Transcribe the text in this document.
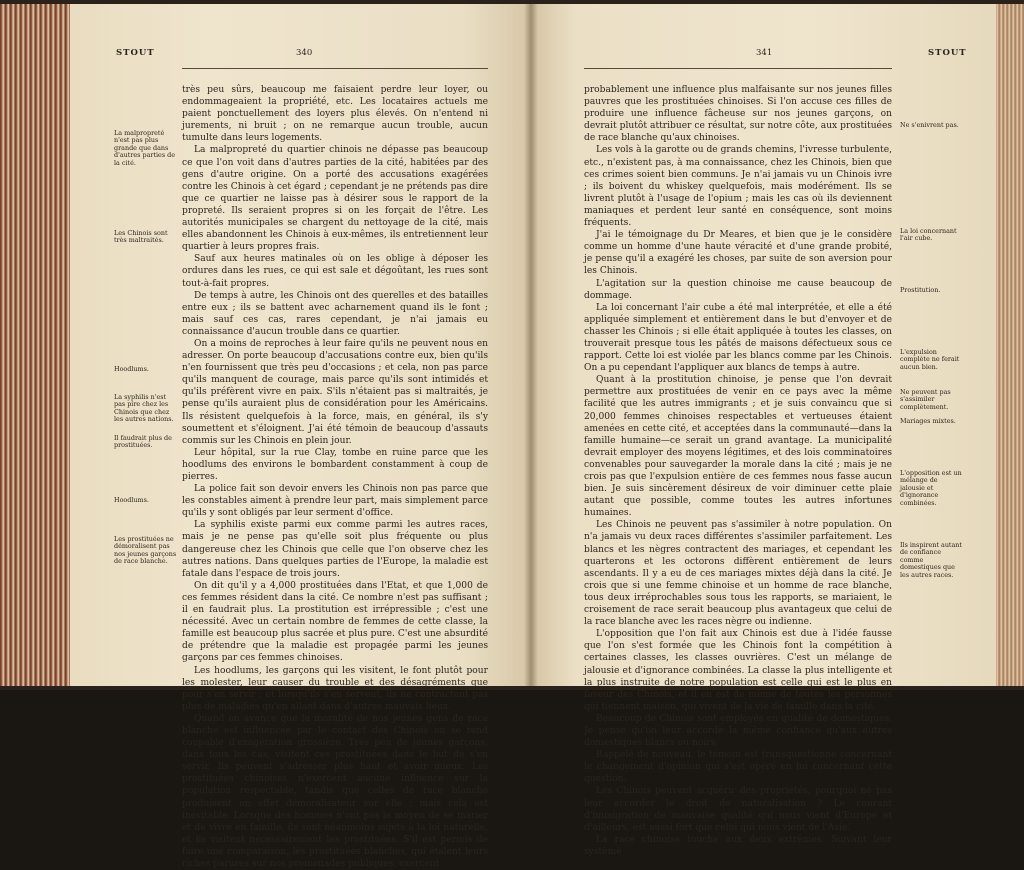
STOUT	340
La malpropreté n'est pas plus grande que dans d'autres parties de la cité.
Les Chinois sont très maltraités.
Hoodlums.
La syphilis n'est pas pire chez les Chinois que chez les autres nations.
Il faudrait plus de prostituées.
Hoodlums.
Les prostituées ne démoralisent pas nos jeunes garçons de race blanche.

très peu sûrs, beaucoup me faisaient perdre leur loyer, ou endommageaient la propriété, etc. Les locataires actuels me paient ponctuellement des loyers plus élevés. On n'entend ni jurements, ni bruit ; on ne remarque aucun trouble, aucun tumulte dans leurs logements.

La malpropreté du quartier chinois ne dépasse pas beaucoup ce que l'on voit dans d'autres parties de la cité, habitées par des gens d'autre origine. On a porté des accusations exagérées contre les Chinois à cet égard ; cependant je ne prétends pas dire que ce quartier ne laisse pas à désirer sous le rapport de la propreté. Ils seraient propres si on les forçait de l'être. Les autorités municipales se chargent du nettoyage de la cité, mais elles abandonnent les Chinois à eux-mêmes, ils entretiennent leur quartier à leurs propres frais.

Sauf aux heures matinales où on les oblige à déposer les ordures dans les rues, ce qui est sale et dégoûtant, les rues sont tout-à-fait propres.

De temps à autre, les Chinois ont des querelles et des batailles entre eux ; ils se battent avec acharnement quand ils le font ; mais sauf ces cas, rares cependant, je n'ai jamais eu connaissance d'aucun trouble dans ce quartier.

On a moins de reproches à leur faire qu'ils ne peuvent nous en adresser. On porte beaucoup d'accusations contre eux, bien qu'ils n'en fournissent que très peu d'occasions ; et cela, non pas parce qu'ils manquent de courage, mais parce qu'ils sont intimidés et qu'ils préfèrent vivre en paix. S'ils n'étaient pas si maltraités, je pense qu'ils auraient plus de considération pour les Américains. Ils résistent quelquefois à la force, mais, en général, ils s'y soumettent et s'éloignent. J'ai été témoin de beaucoup d'assauts commis sur les Chinois en plein jour.

Leur hôpital, sur la rue Clay, tombe en ruine parce que les hoodlums des environs le bombardent constamment à coup de pierres.

La police fait son devoir envers les Chinois non pas parce que les constables aiment à prendre leur part, mais simplement parce qu'ils y sont obligés par leur serment d'office.

La syphilis existe parmi eux comme parmi les autres races, mais je ne pense pas qu'elle soit plus fréquente ou plus dangereuse chez les Chinois que celle que l'on observe chez les autres nations. Dans quelques parties de l'Europe, la maladie est fatale dans l'espace de trois jours.

On dit qu'il y a 4,000 prostituées dans l'Etat, et que 1,000 de ces femmes résident dans la cité. Ce nombre n'est pas suffisant ; il en faudrait plus. La prostitution est irrépressible ; c'est une nécessité. Avec un certain nombre de femmes de cette classe, la famille est beaucoup plus sacrée et plus pure. C'est une absurdité de prétendre que la maladie est propagée parmi les jeunes garçons par ces femmes chinoises.

Les hoodlums, les garçons qui les visitent, le font plutôt pour les molester, leur causer du trouble et des désagréments que pour s'en servir ; et lorsqu'ils s'en servent, ils ne contractent pas plus de maladies qu'en allant dans d'autres mauvais lieux.

Quand on avance que la moralité de nos jeunes gens de race blanche est influencée par le contact des Chinois on se rend coupable d'exagération grossière. Très peu de jeunes garçons, dans tous les cas, visitent ces prostituées dans le but de s'en servir. Ils peuvent s'adresser plus haut et avoir mieux. Les prostituées chinoises n'exercent aucune influence sur la population respectable, tandis que celles de race blanche produisent un effet démoralisateur sur elle ; mais cela est inévitable. Lorsque des hommes n'ont pas le moyen de se marier et de vivre en famille, ils sont néanmoins sujets à la loi naturelle, et ils visitent nécessairement les prostituées. S'il est permis de faire une comparaison, les prostituées blanches, qui étalent leurs riches parures sur nos promenades publiques, exercent

341	STOUT

probablement une influence plus malfaisante sur nos jeunes filles pauvres que les prostituées chinoises. Si l'on accuse ces filles de produire une influence fâcheuse sur nos jeunes garçons, on devrait plutôt attribuer ce résultat, sur notre côte, aux prostituées de race blanche qu'aux chinoises.

Les vols à la garotte ou de grands chemins, l'ivresse turbulente, etc., n'existent pas, à ma connaissance, chez les Chinois, bien que ces crimes soient bien communs. Je n'ai jamais vu un Chinois ivre ; ils boivent du whiskey quelquefois, mais modérément. Ils se livrent plutôt à l'usage de l'opium ; mais les cas où ils deviennent maniaques et perdent leur santé en conséquence, sont moins fréquents.

J'ai le témoignage du Dr Meares, et bien que je le considère comme un homme d'une haute véracité et d'une grande probité, je pense qu'il a exagéré les choses, par suite de son aversion pour les Chinois.

L'agitation sur la question chinoise me cause beaucoup de dommage.

La loi concernant l'air cube a été mal interprétée, et elle a été appliquée simplement et entièrement dans le but d'envoyer et de chasser les Chinois ; si elle était appliquée à toutes les classes, on trouverait presque tous les pâtés de maisons défectueux sous ce rapport. Cette loi est violée par les blancs comme par les Chinois. On a pu cependant l'appliquer aux blancs de temps à autre.

Quant à la prostitution chinoise, je pense que l'on devrait permettre aux prostituées de venir en ce pays avec la même facilité que les autres immigrants ; et je suis convaincu que si 20,000 femmes chinoises respectables et vertueuses étaient amenées en cette cité, et acceptées dans la communauté—dans la famille humaine—ce serait un grand avantage. La municipalité devrait employer des moyens légitimes, et des lois comminatoires convenables pour sauvegarder la morale dans la cité ; mais je ne crois pas que l'expulsion entière de ces femmes nous fasse aucun bien. Je suis sincèrement désireux de voir diminuer cette plaie autant que possible, comme toutes les autres infortunes humaines.

Les Chinois ne peuvent pas s'assimiler à notre population. On n'a jamais vu deux races différentes s'assimiler parfaitement. Les blancs et les nègres contractent des mariages, et cependant les quarterons et les octorons diffèrent entièrement de leurs ascendants. Il y a eu de ces mariages mixtes déjà dans la cité. Je crois que si une femme chinoise et un homme de race blanche, tous deux irréprochables sous tous les rapports, se mariaient, le croisement de race serait beaucoup plus avantageux que celui de la race blanche avec les races nègre ou indienne.

L'opposition que l'on fait aux Chinois est due à l'idée fausse que l'on s'est formée que les Chinois font la compétition à certaines classes, les classes ouvrières. C'est un mélange de jalousie et d'ignorance combinées. La classe la plus intelligente et la plus instruite de notre population est celle qui est le plus en faveur des Chinois, et il en est de même de toutes les personnes qui tiennent maison, qui vivent de la vie de famille dans la cité.

Beaucoup de Chinois sont employés en qualité de domestiques. Je pense qu'on leur accorde la même confiance qu'aux autres domestiques blancs ou noirs.

Rappelé de nouveau, le témoin est transquestionné concernant le changement d'opinion qui s'est opéré en lui concernant cette question.

Les Chinois peuvent acquérir des propriétés, pourquoi ne pas leur accorder le droit de naturalisation ? Le courant d'immigration de mauvaise qualité qui nous vient d'Europe et d'ailleurs, est aussi fort que celui qui nous vient de l'Asie.

La race chinoise touche aux deux extrêmes. Suivant leur système

Ne s'enivrent pas.
La loi concernant l'air cube.
Prostitution.
L'expulsion complète ne ferait aucun bien.
Ne peuvent pas s'assimiler complètement.
Mariages mixtes.
L'opposition est un mélange de jalousie et d'ignorance combinées.
Ils inspirent autant de confiance comme domestiques que les autres races.
